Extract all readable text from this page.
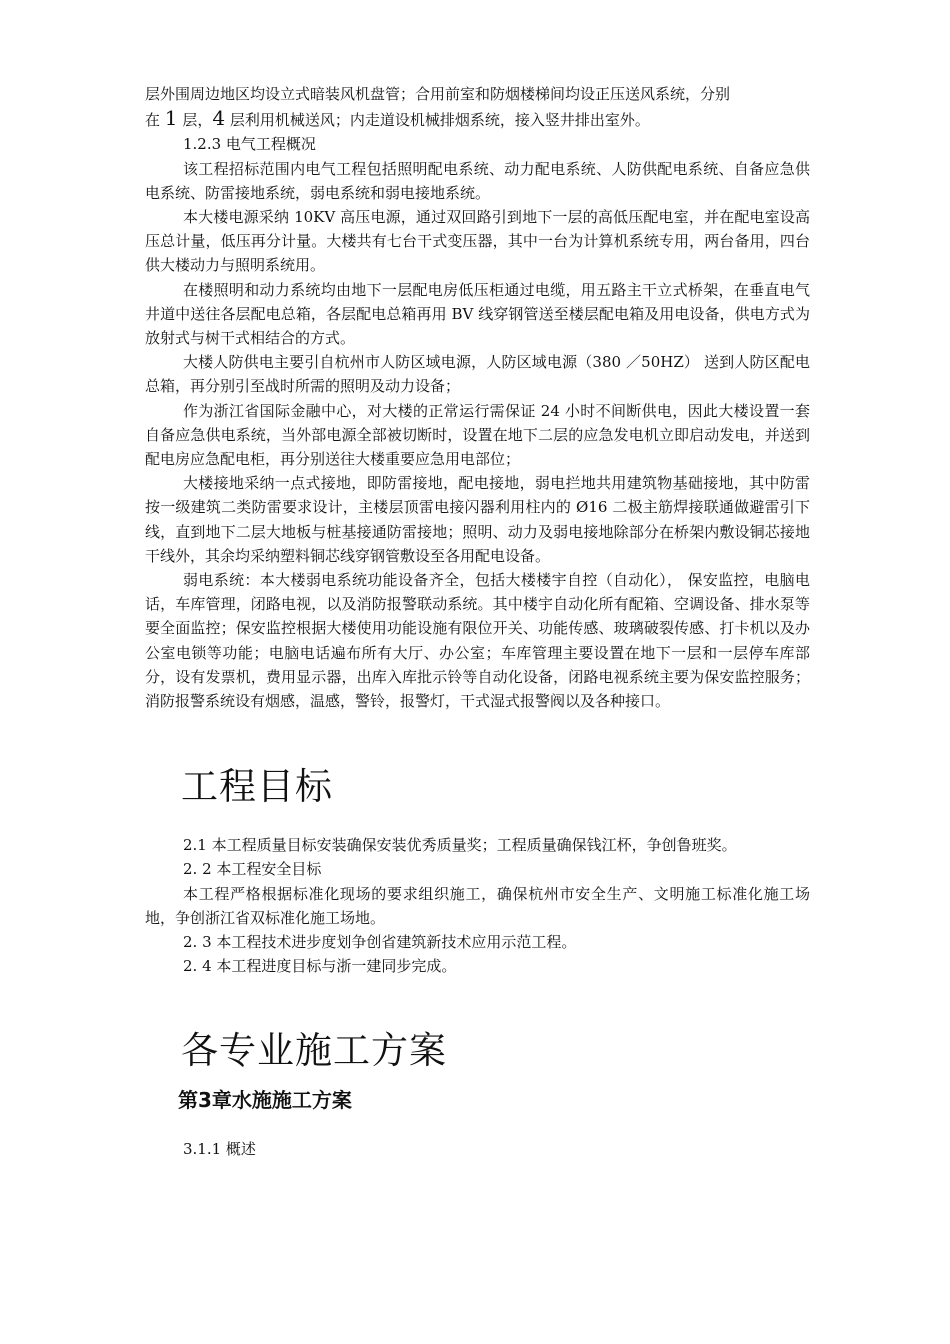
层外围周边地区均设立式暗装风机盘管；合用前室和防烟楼梯间均设正压送风系统，分别
在 1 层，4 层利用机械送风；内走道设机械排烟系统，接入竖井排出室外。

1.2.3 电气工程概况

该工程招标范围内电气工程包括照明配电系统、动力配电系统、人防供配电系统、自备应急供电系统、防雷接地系统，弱电系统和弱电接地系统。

本大楼电源采纳 10KV 高压电源，通过双回路引到地下一层的高低压配电室，并在配电室设高压总计量，低压再分计量。大楼共有七台干式变压器，其中一台为计算机系统专用，两台备用，四台供大楼动力与照明系统用。

在楼照明和动力系统均由地下一层配电房低压柜通过电缆，用五路主干立式桥架，在垂直电气井道中送往各层配电总箱，各层配电总箱再用 BV 线穿钢管送至楼层配电箱及用电设备，供电方式为放射式与树干式相结合的方式。

大楼人防供电主要引自杭州市人防区域电源，人防区域电源（380 ／50HZ） 送到人防区配电总箱，再分别引至战时所需的照明及动力设备；

作为浙江省国际金融中心，对大楼的正常运行需保证 24 小时不间断供电，因此大楼设置一套自备应急供电系统，当外部电源全部被切断时，设置在地下二层的应急发电机立即启动发电，并送到配电房应急配电柜，再分别送往大楼重要应急用电部位；

大楼接地采纳一点式接地，即防雷接地，配电接地，弱电拦地共用建筑物基础接地，其中防雷按一级建筑二类防雷要求设计，主楼层顶雷电接闪器利用柱内的 Ø16 二极主筋焊接联通做避雷引下线，直到地下二层大地板与桩基接通防雷接地；照明、动力及弱电接地除部分在桥架内敷设铜芯接地干线外，其余均采纳塑料铜芯线穿钢管敷设至各用配电设备。

弱电系统：本大楼弱电系统功能设备齐全，包括大楼楼宇自控（自动化）， 保安监控，电脑电话，车库管理，闭路电视，以及消防报警联动系统。其中楼宇自动化所有配箱、空调设备、排水泵等要全面监控；保安监控根据大楼使用功能设施有限位开关、功能传感、玻璃破裂传感、打卡机以及办公室电锁等功能；电脑电话遍布所有大厅、办公室；车库管理主要设置在地下一层和一层停车库部分，设有发票机，费用显示器，出库入库批示铃等自动化设备，闭路电视系统主要为保安监控服务；消防报警系统设有烟感，温感，警铃，报警灯，干式湿式报警阀以及各种接口。

工程目标

2.1 本工程质量目标安装确保安装优秀质量奖；工程质量确保钱江杯，争创鲁班奖。

2. 2 本工程安全目标

本工程严格根据标准化现场的要求组织施工，确保杭州市安全生产、文明施工标准化施工场地，争创浙江省双标准化施工场地。

2. 3 本工程技术进步度划争创省建筑新技术应用示范工程。

2. 4 本工程进度目标与浙一建同步完成。

各专业施工方案
第3章水施施工方案

3.1.1 概述
